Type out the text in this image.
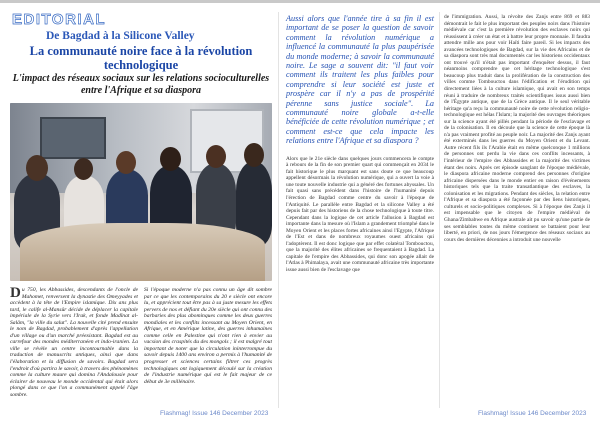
EDITORIAL
De Bagdad à la Silicone Valley
La communauté noire face à la révolution
technologique
L'impact des réseaux sociaux sur les relations socioculturelles entre l'Afrique et sa diaspora
Du 750, les Abbassides, descendants de l'oncle de Mahomet, renversent la dynastie des Omeyyades et accèdent à la tête de l'Empire islamique. Dix ans plus tard, le calife al-Mansûr décide de déplacer la capitale impériale de la Syrie vers l'Irak, et fonde Madînat al-Salâm, "la ville du salut". La nouvelle cité prend ensuite le nom de Bagdad, probablement d'après l'appellation d'un village ou d'un marché préexistant. Bagdad est au carrefour des mondes méditerranéen et indo-iranien. La ville se révèle un centre incontournable dans la traduction de manuscrits antiques, ainsi que dans l'élaboration et la diffusion de savoirs. Bagdad sera l'endroit d'où partira le savoir, à travers des phénomènes comme la culture maure qui domina l'Andalousie pour éclairer de nouveau le monde occidental qui était alors plongé dans ce que l'on a communément appelé l'âge sombre.
Si l'époque moderne n'a pas connu un âge dit sombre par ce que les contemporains du 20 e siècle ont encore lu, et apprécient tout être pas à sa juste mesure les effets pervers de nos et défiant du 20e siècle qui ont connu des barbaries des plus abominques comme les deux guerres mondiales et les conflits incessant au Moyen Orient, en Afrique, et en Amérique latine, des guerres inhumaines comme celle en Palestine qui n'ont rien à envier au vacsion des craspités du des mongols ; il est malgré tout important de noter que la circulation ininterrompue du savoir depuis 1400 ans environ a permis à l'humanité de progresser et sciences certains filtrer ces progrès technologiques ont logiquement découlé sur la création de l'industrie numérique qui est le fait majeur de ce début de 3e millénaire.
Aussi alors que l'année tire à sa fin il est important de se poser la question de savoir comment la révolution numérique a influencé la communauté la plus paupérisée du monde moderne; à savoir la communauté noire. Le sage a souvent dit: "il faut voir comment ils traitent les plus faibles pour comprendre si leur société est juste et prospère car il n'y a pas de prospérité pérenne sans justice sociale". La communauté noire globale a-t-elle bénéficiée de cette révolution numérique ; et comment est-ce que cela impacte les relations entre l'Afrique et sa diaspora ?
Alors que le 21e siècle dans quelques jours commencera le compte à rebours de la fin de son premier quart qui commençait en 2034 le fait historique le plus marquant est sans doute ce que beaucoup appellent désormais la révolution numérique, qui a ouvert la voie à une toute nouvelle industrie qui a généré des fortunes abyssales. Un fait quasi sans précédent dans l'histoire de l'humanité depuis l'érection de Bagdad comme centre du savoir à l'époque de l'Antiquité. Le parallèle entre Bagdad et la silicone Valley a été depuis fait par des historiens de la chose technologique à toute titre. Cependant dans la logique de cet article l'allusion à Bagdad est importante dans la mesure où l'Islam a grandement triomphé dans le Moyen Orient et les places fortes africaines ainsi l'Egypte, l'Afrique de l'Est et dans de nombreux royaumes ouest africains qui l'adoptèrent. Il est donc logique que par effet colatéral Tombouctou, que la majorité des élites africaines se frequentaient à Bagdad. La capitale de l'empire des Abbassides, qui donc son apogée allait de l'Atlas à Phimalaya, avait une communauté africaine très importante issue aussi bien de l'esclavage que
de l'immigration. Aussi, la révolte des Zanjs entre 869 et 883 démontrait le fait le plus important des peuples noirs dans l'histoire médiévale car c'est la première révolution des esclaves noirs qui réussissent à créer un état et à battre leur propre monnaie. Il faudra attendre mille ans pour voir Haïti faire pareil. Si les impacts des avancées technologiques de Bagdad, sur la vie des Africains et de sa diaspora sont très mal documentés car les historiens occidentaux ont trouvé qu'il n'était pas important d'enquêter dessus, il faut néanmoins comprendre que cet héritage technologique s'est beaucoup plus traduit dans la prolifération de la construction des villes comme Tombouctou dans l'édification et l'érudition qui directement liées à la culture islamique, qui avait en son temps réuni à traduire de nombreux traités scientifiques issus aussi bien de l'Égypte antique, que de la Grèce antique. Il le seul véritable héritage qu'a reçu la communauté noire de cette révolution religio-technologique est hélas l'Islam; la majorité des ouvrages théoriques sur la science ayant été pillés pendant la période de l'esclavage et de la colonisation. Il en découle que la science de cette époque là n'a pas vraiment profité au peuple noir. La majorité des Zanjs ayant été exterminés dans les guerres du Moyen Orient et du Levant. Autre récent fils ils l'Arabie était en même quelconque 1 millions de personnes ont perdu la vie dans ces conflits incessants, à l'intérieur de l'empire des Abbassides et la majorité des victimes étant des noirs. Après cet épisode sanglant de l'époque médiévale, le diaspora africaine moderne comprend des personnes d'origine africaine dispersées dans le monde entier en raison d'événements historiques tels que la traite transatlantique des esclaves, la colonisation et les migrations. Pendant des siècles, la relation entre l'Afrique et sa diaspora a été façonnée par des liens historiques, culturels et socio-politiques complexes. Si à l'époque des Zanjs il est impensable que le citoyen de l'empire médiéval de Ghana/Zimbabwe en Afrique australe ait pu savoir qu'une partie de ses semblables toutes du même continent se battaient pour leur liberté, en priori, de nos jours l'émergence des réseaux sociaux au cours des dernières décennies a introduit une nouvelle
Flashmag! Issue 146 December 2023	Flashmag! Issue 146 December 2023
